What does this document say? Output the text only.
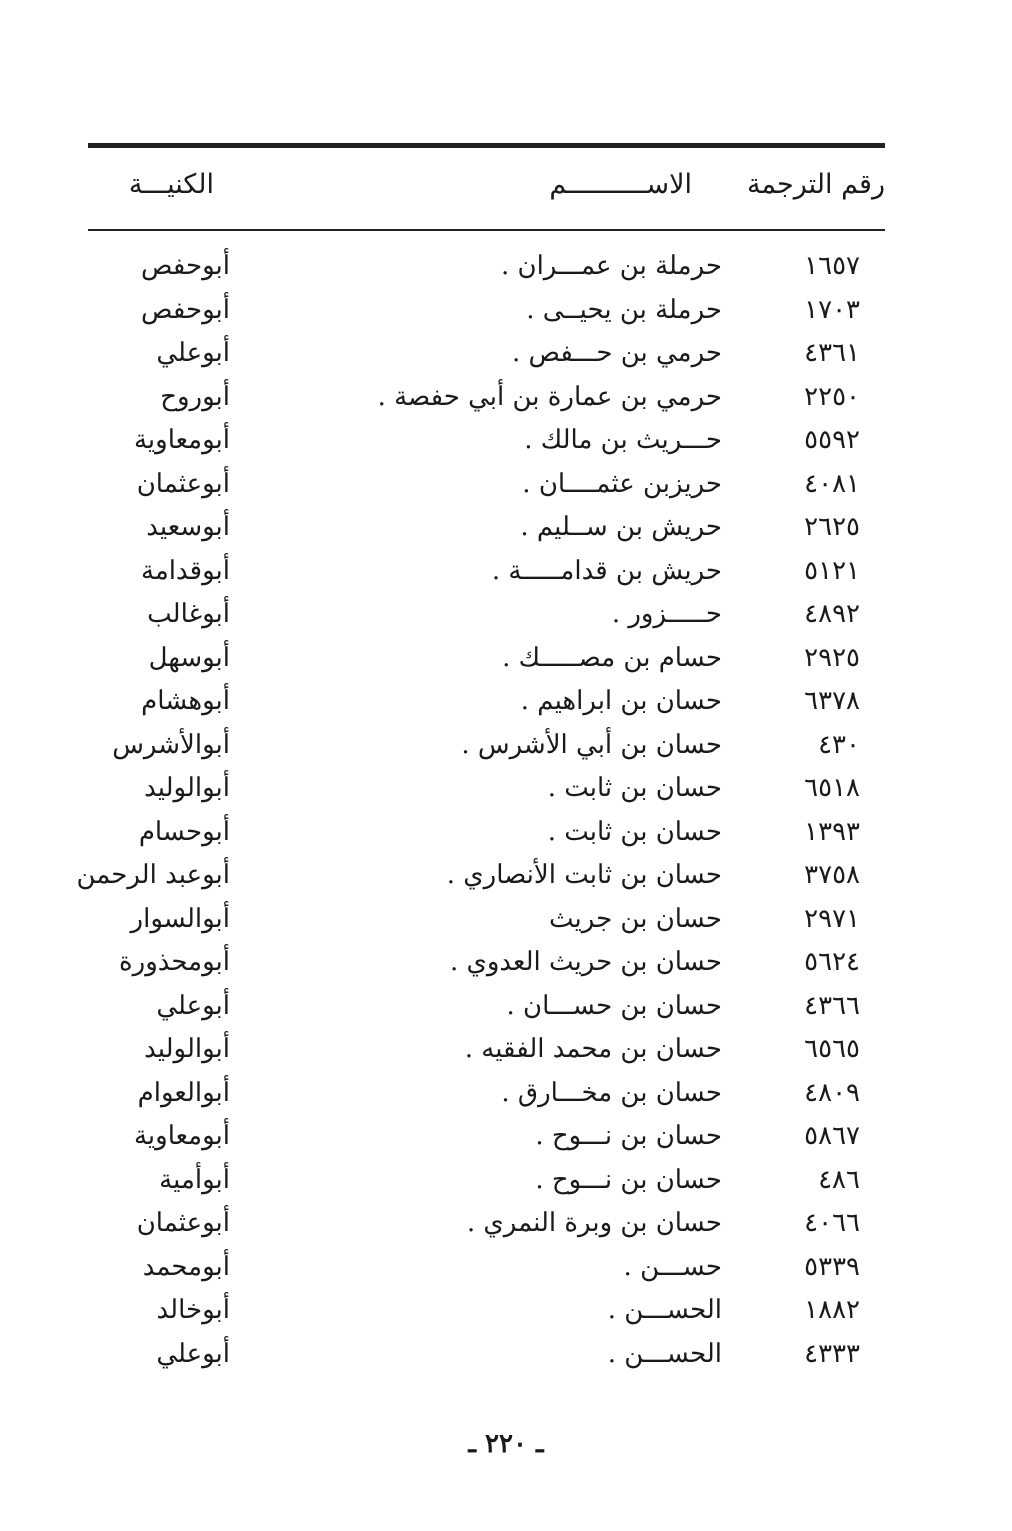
رقم الترجمة
الاســــــــــم
الكنيـــة
١٦٥٧
حرملة بن عمـــران .
أبوحفص
١٧٠٣
حرملة بن يحيــى .
أبوحفص
٤٣٦١
حرمي بن حـــفص .
أبوعلي
٢٢٥٠
حرمي بن عمارة بن أبي حفصة .
أبوروح
٥٥٩٢
حـــريث بن مالك .
أبومعاوية
٤٠٨١
حريزبن عثمــــان .
أبوعثمان
٢٦٢٥
حريش بن ســليم .
أبوسعيد
٥١٢١
حريش بن قدامـــــة .
أبوقدامة
٤٨٩٢
حـــــزور .
أبوغالب
٢٩٢٥
حسام بن مصـــــك .
أبوسهل
٦٣٧٨
حسان بن ابراهيم .
أبوهشام
٤٣٠
حسان بن أبي الأشرس .
أبوالأشرس
٦٥١٨
حسان بن ثابت .
أبوالوليد
١٣٩٣
حسان بن ثابت .
أبوحسام
٣٧٥٨
حسان بن ثابت الأنصاري .
أبوعبد الرحمن
٢٩٧١
حسان بن جريث
أبوالسوار
٥٦٢٤
حسان بن حريث العدوي .
أبومحذورة
٤٣٦٦
حسان بن حســـان .
أبوعلي
٦٥٦٥
حسان بن محمد الفقيه .
أبوالوليد
٤٨٠٩
حسان بن مخـــارق .
أبوالعوام
٥٨٦٧
حسان بن نـــوح .
أبومعاوية
٤٨٦
حسان بن نـــوح .
أبوأمية
٤٠٦٦
حسان بن وبرة النمري .
أبوعثمان
٥٣٣٩
حســـن .
أبومحمد
١٨٨٢
الحســـن .
أبوخالد
٤٣٣٣
الحســـن .
أبوعلي
ـ ٢٢٠ ـ
